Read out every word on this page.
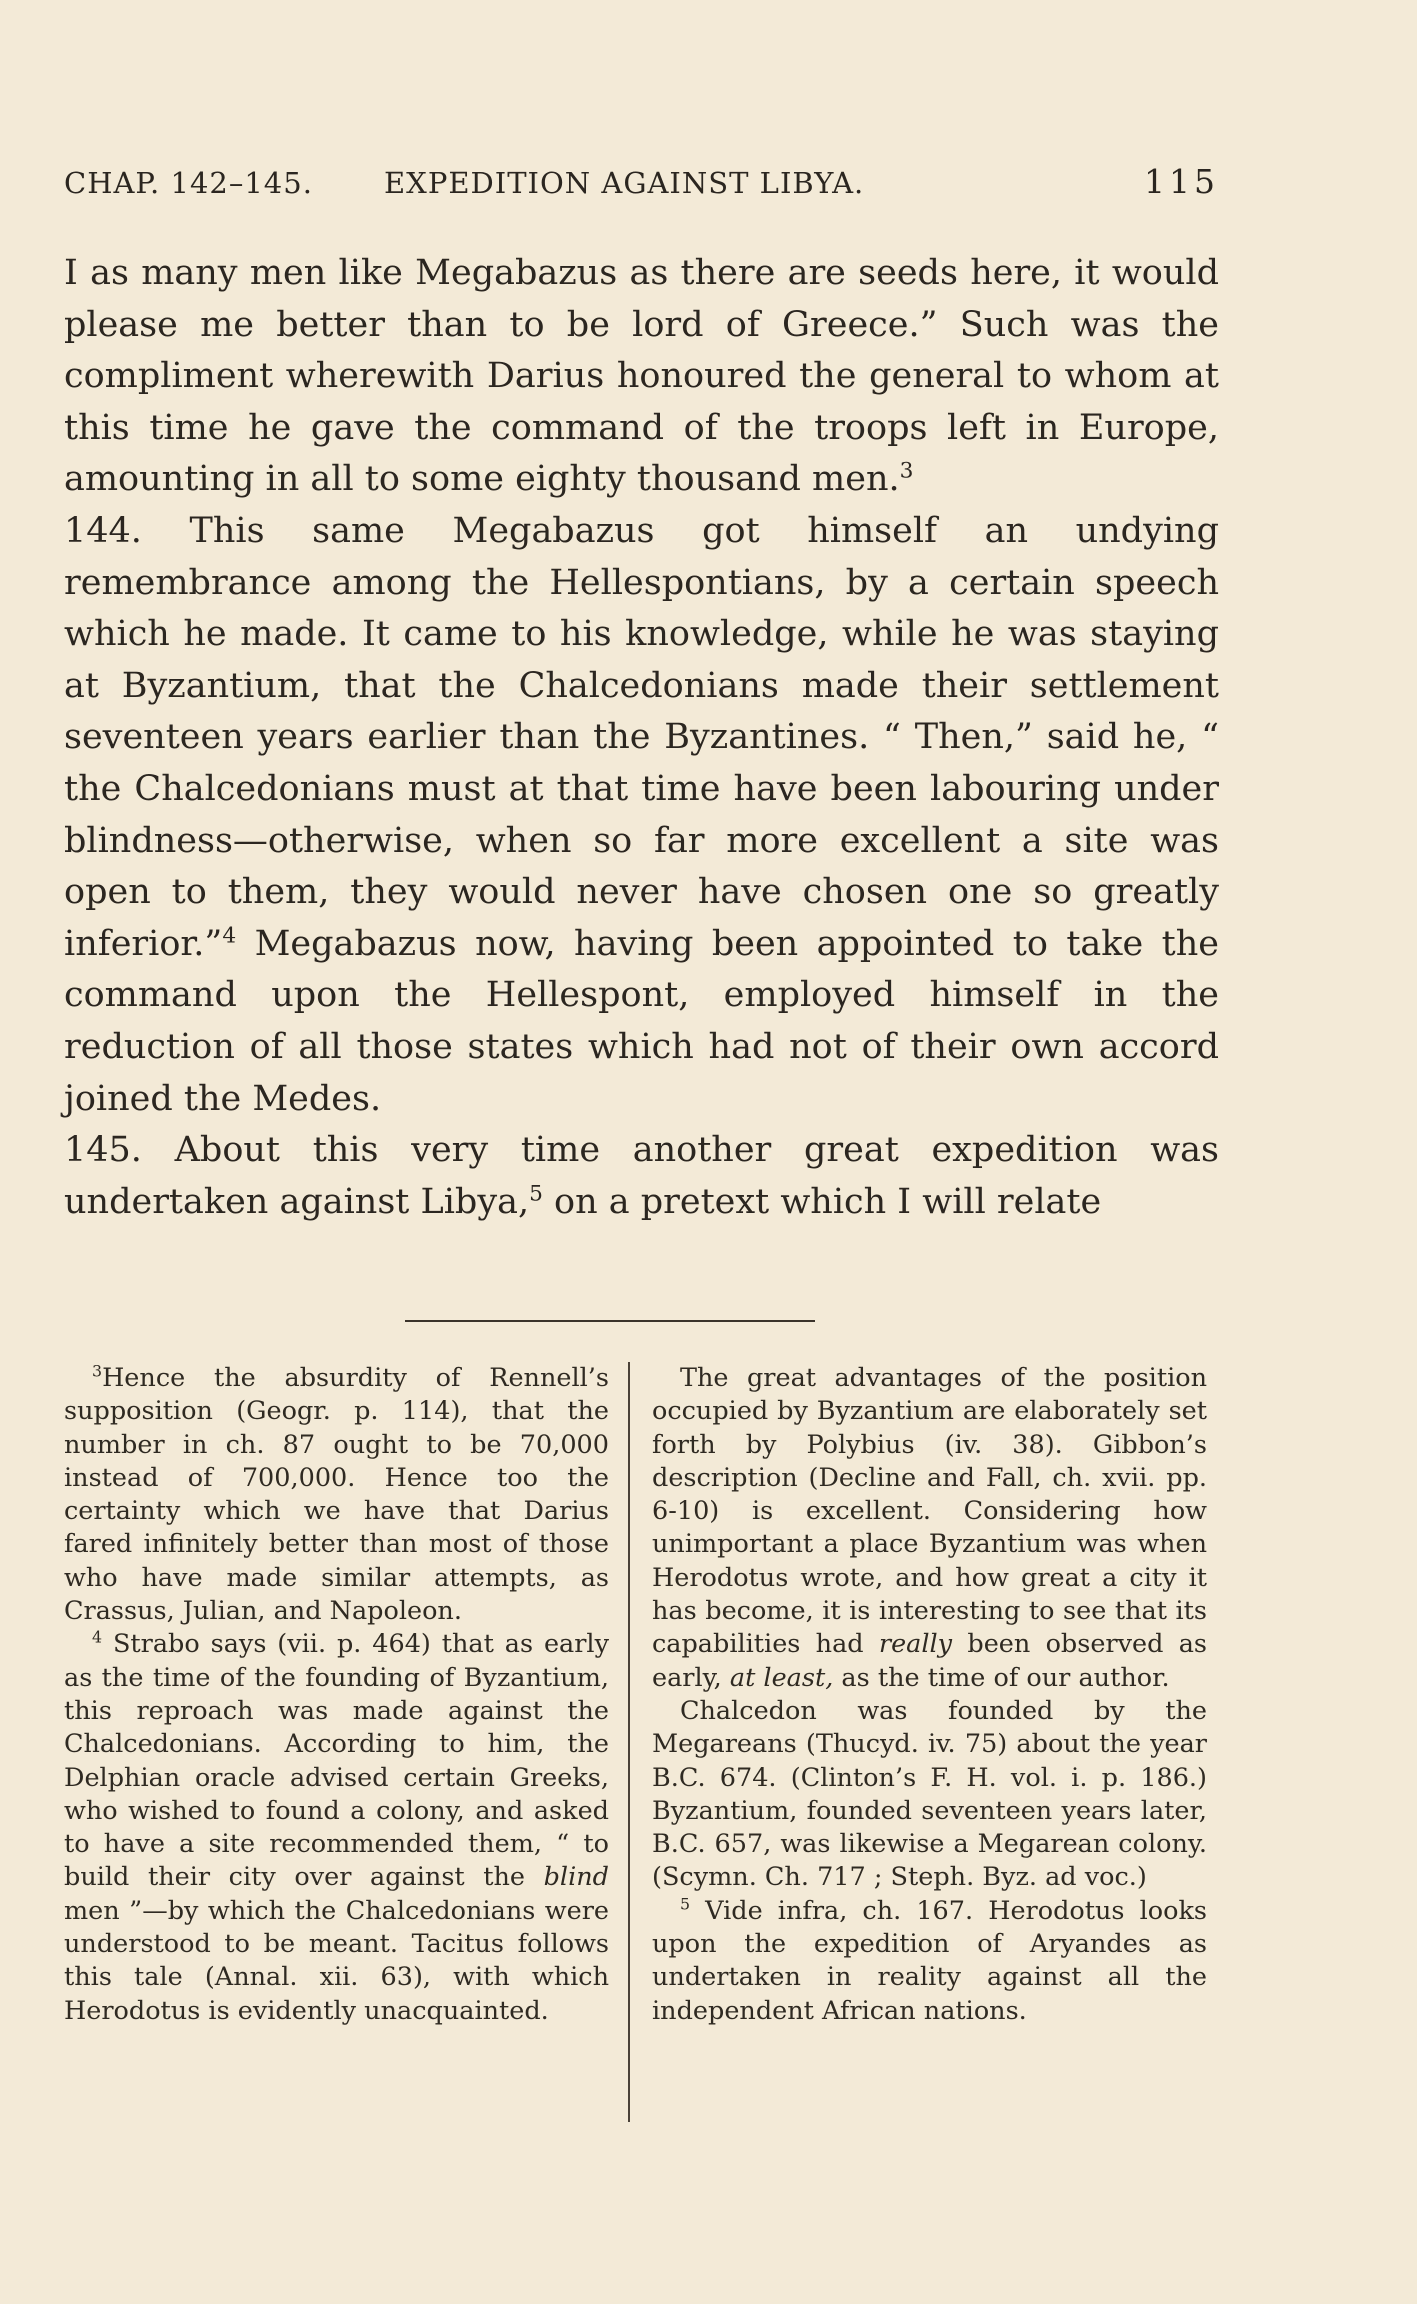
CHAP. 142–145. EXPEDITION AGAINST LIBYA.	115

I as many men like Megabazus as there are seeds here, it would please me better than to be lord of Greece.” Such was the compliment wherewith Darius honoured the general to whom at this time he gave the command of the troops left in Europe, amounting in all to some eighty thousand men.$^3$

144. This same Megabazus got himself an undying remembrance among the Hellespontians, by a certain speech which he made. It came to his knowledge, while he was staying at Byzantium, that the Chalcedonians made their settlement seventeen years earlier than the Byzantines. “ Then,” said he, “ the Chalcedonians must at that time have been labouring under blindness—otherwise, when so far more excellent a site was open to them, they would never have chosen one so greatly inferior.”$^4$ Megabazus now, having been appointed to take the command upon the Hellespont, employed himself in the reduction of all those states which had not of their own accord joined the Medes.

145. About this very time another great expedition was undertaken against Libya,$^5$ on a pretext which I will relate

$^3$Hence the absurdity of Rennell’s supposition (Geogr. p. 114), that the number in ch. 87 ought to be 70,000 instead of 700,000. Hence too the certainty which we have that Darius fared infinitely better than most of those who have made similar attempts, as Crassus, Julian, and Napoleon.

$^4$ Strabo says (vii. p. 464) that as early as the time of the founding of Byzantium, this reproach was made against the Chalcedonians. According to him, the Delphian oracle advised certain Greeks, who wished to found a colony, and asked to have a site recommended them, “ to build their city over against the blind men ”—by which the Chalcedonians were understood to be meant. Tacitus follows this tale (Annal. xii. 63), with which Herodotus is evidently unacquainted.

The great advantages of the position occupied by Byzantium are elaborately set forth by Polybius (iv. 38). Gibbon’s description (Decline and Fall, ch. xvii. pp. 6-10) is excellent. Considering how unimportant a place Byzantium was when Herodotus wrote, and how great a city it has become, it is interesting to see that its capabilities had really been observed as early, at least, as the time of our author.

Chalcedon was founded by the Megareans (Thucyd. iv. 75) about the year B.C. 674. (Clinton’s F. H. vol. i. p. 186.) Byzantium, founded seventeen years later, B.C. 657, was likewise a Megarean colony. (Scymn. Ch. 717 ; Steph. Byz. ad voc.)

$^5$ Vide infra, ch. 167. Herodotus looks upon the expedition of Aryandes as undertaken in reality against all the independent African nations.
